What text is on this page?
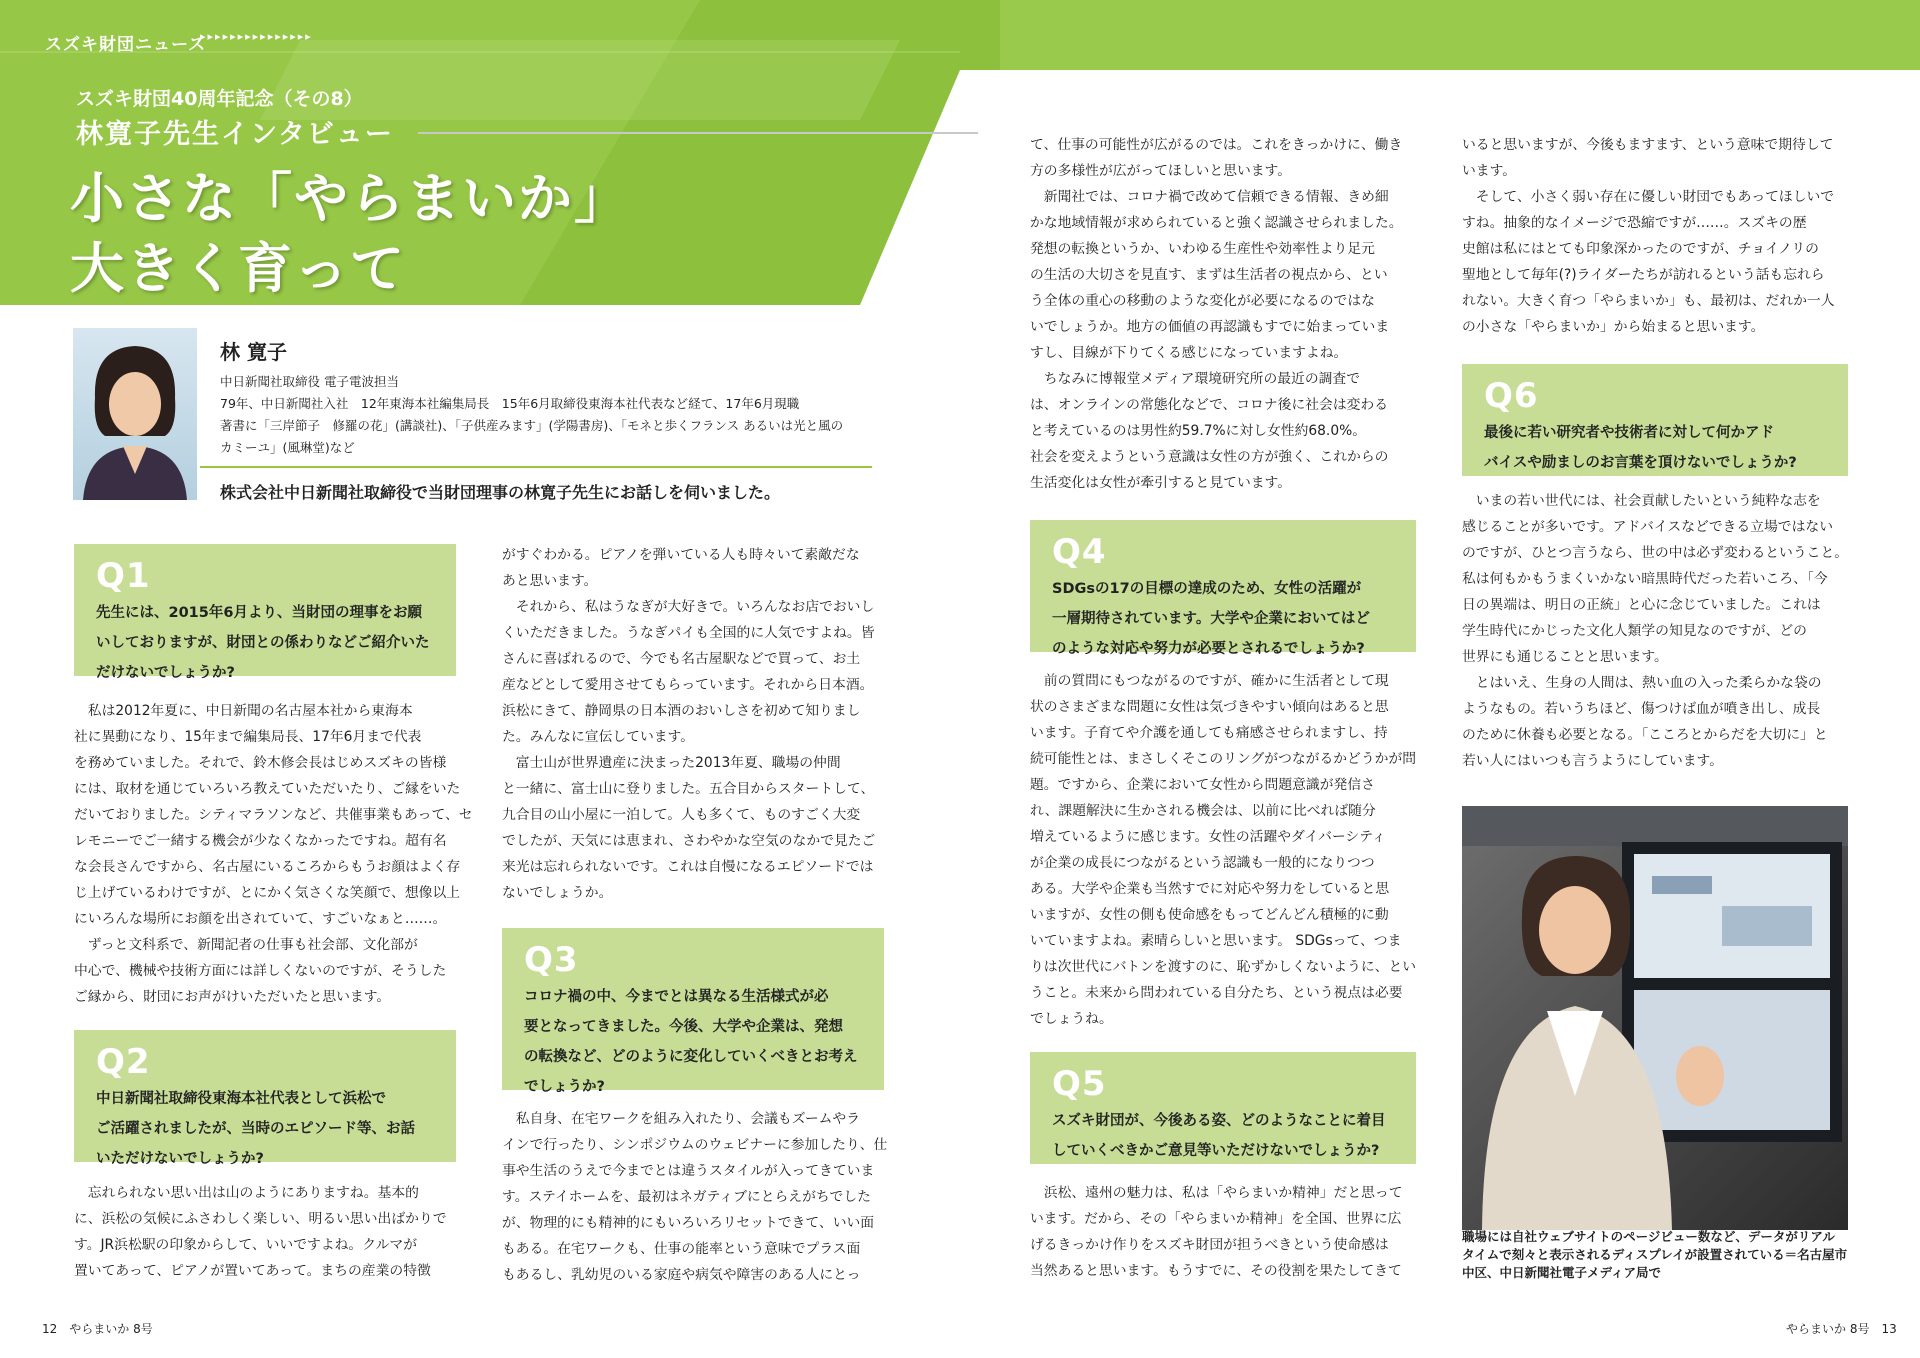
スズキ財団ニュース
▸▸▸▸▸▸▸▸▸▸▸▸▸▸▸
スズキ財団40周年記念（その8）
林寛子先生インタビュー
小さな「やらまいか」
大きく育って
林 寛子
中日新聞社取締役 電子電波担当
79年、中日新聞社入社　12年東海本社編集局長　15年6月取締役東海本社代表など経て、17年6月現職
著書に「三岸節子　修羅の花」(講談社)、「子供産みます」(学陽書房)、「モネと歩くフランス あるいは光と風の
カミーユ」(風琳堂)など
株式会社中日新聞社取締役で当財団理事の林寛子先生にお話しを伺いました。
Q1
先生には、2015年6月より、当財団の理事をお願
いしておりますが、財団との係わりなどご紹介いた
だけないでしょうか?
　私は2012年夏に、中日新聞の名古屋本社から東海本
社に異動になり、15年まで編集局長、17年6月まで代表
を務めていました。それで、鈴木修会長はじめスズキの皆様
には、取材を通じていろいろ教えていただいたり、ご縁をいた
だいておりました。シティマラソンなど、共催事業もあって、セ
レモニーでご一緒する機会が少なくなかったですね。超有名
な会長さんですから、名古屋にいるころからもうお顔はよく存
じ上げているわけですが、とにかく気さくな笑顔で、想像以上
にいろんな場所にお顔を出されていて、すごいなぁと……。
　ずっと文科系で、新聞記者の仕事も社会部、文化部が
中心で、機械や技術方面には詳しくないのですが、そうした
ご縁から、財団にお声がけいただいたと思います。
Q2
中日新聞社取締役東海本社代表として浜松で
ご活躍されましたが、当時のエピソード等、お話
いただけないでしょうか?
　忘れられない思い出は山のようにありますね。基本的
に、浜松の気候にふさわしく楽しい、明るい思い出ばかりで
す。JR浜松駅の印象からして、いいですよね。クルマが
置いてあって、ピアノが置いてあって。まちの産業の特徴
がすぐわかる。ピアノを弾いている人も時々いて素敵だな
あと思います。
　それから、私はうなぎが大好きで。いろんなお店でおいし
くいただきました。うなぎパイも全国的に人気ですよね。皆
さんに喜ばれるので、今でも名古屋駅などで買って、お土
産などとして愛用させてもらっています。それから日本酒。
浜松にきて、静岡県の日本酒のおいしさを初めて知りまし
た。みんなに宣伝しています。
　富士山が世界遺産に決まった2013年夏、職場の仲間
と一緒に、富士山に登りました。五合目からスタートして、
九合目の山小屋に一泊して。人も多くて、ものすごく大変
でしたが、天気には恵まれ、さわやかな空気のなかで見たご
来光は忘れられないです。これは自慢になるエピソードでは
ないでしょうか。
Q3
コロナ禍の中、今までとは異なる生活様式が必
要となってきました。今後、大学や企業は、発想
の転換など、どのように変化していくべきとお考え
でしょうか?
　私自身、在宅ワークを組み入れたり、会議もズームやラ
インで行ったり、シンポジウムのウェビナーに参加したり、仕
事や生活のうえで今までとは違うスタイルが入ってきていま
す。ステイホームを、最初はネガティブにとらえがちでした
が、物理的にも精神的にもいろいろリセットできて、いい面
もある。在宅ワークも、仕事の能率という意味でプラス面
もあるし、乳幼児のいる家庭や病気や障害のある人にとっ
て、仕事の可能性が広がるのでは。これをきっかけに、働き
方の多様性が広がってほしいと思います。
　新聞社では、コロナ禍で改めて信頼できる情報、きめ細
かな地域情報が求められていると強く認識させられました。
発想の転換というか、いわゆる生産性や効率性より足元
の生活の大切さを見直す、まずは生活者の視点から、とい
う全体の重心の移動のような変化が必要になるのではな
いでしょうか。地方の価値の再認識もすでに始まっていま
すし、目線が下りてくる感じになっていますよね。
　ちなみに博報堂メディア環境研究所の最近の調査で
は、オンラインの常態化などで、コロナ後に社会は変わる
と考えているのは男性約59.7%に対し女性約68.0%。
社会を変えようという意識は女性の方が強く、これからの
生活変化は女性が牽引すると見ています。
Q4
SDGsの17の目標の達成のため、女性の活躍が
一層期待されています。大学や企業においてはど
のような対応や努力が必要とされるでしょうか?
　前の質問にもつながるのですが、確かに生活者として現
状のさまざまな問題に女性は気づきやすい傾向はあると思
います。子育てや介護を通しても痛感させられますし、持
続可能性とは、まさしくそこのリングがつながるかどうかが問
題。ですから、企業において女性から問題意識が発信さ
れ、課題解決に生かされる機会は、以前に比べれば随分
増えているように感じます。女性の活躍やダイバーシティ
が企業の成長につながるという認識も一般的になりつつ
ある。大学や企業も当然すでに対応や努力をしていると思
いますが、女性の側も使命感をもってどんどん積極的に動
いていますよね。素晴らしいと思います。 SDGsって、つま
りは次世代にバトンを渡すのに、恥ずかしくないように、とい
うこと。未来から問われている自分たち、という視点は必要
でしょうね。
Q5
スズキ財団が、今後ある姿、どのようなことに着目
していくべきかご意見等いただけないでしょうか?
　浜松、遠州の魅力は、私は「やらまいか精神」だと思って
います。だから、その「やらまいか精神」を全国、世界に広
げるきっかけ作りをスズキ財団が担うべきという使命感は
当然あると思います。もうすでに、その役割を果たしてきて
いると思いますが、今後もますます、という意味で期待して
います。
　そして、小さく弱い存在に優しい財団でもあってほしいで
すね。抽象的なイメージで恐縮ですが……。スズキの歴
史館は私にはとても印象深かったのですが、チョイノリの
聖地として毎年(?)ライダーたちが訪れるという話も忘れら
れない。大きく育つ「やらまいか」も、最初は、だれか一人
の小さな「やらまいか」から始まると思います。
Q6
最後に若い研究者や技術者に対して何かアド
バイスや励ましのお言葉を頂けないでしょうか?
　いまの若い世代には、社会貢献したいという純粋な志を
感じることが多いです。アドバイスなどできる立場ではない
のですが、ひとつ言うなら、世の中は必ず変わるということ。
私は何もかもうまくいかない暗黒時代だった若いころ、「今
日の異端は、明日の正統」と心に念じていました。これは
学生時代にかじった文化人類学の知見なのですが、どの
世界にも通じることと思います。
　とはいえ、生身の人間は、熱い血の入った柔らかな袋の
ようなもの。若いうちほど、傷つけば血が噴き出し、成長
のために休養も必要となる。「こころとからだを大切に」と
若い人にはいつも言うようにしています。
職場には自社ウェブサイトのページビュー数など、データがリアル
タイムで刻々と表示されるディスプレイが設置されている＝名古屋市
中区、中日新聞社電子メディア局で
12　やらまいか 8号	やらまいか 8号　13
